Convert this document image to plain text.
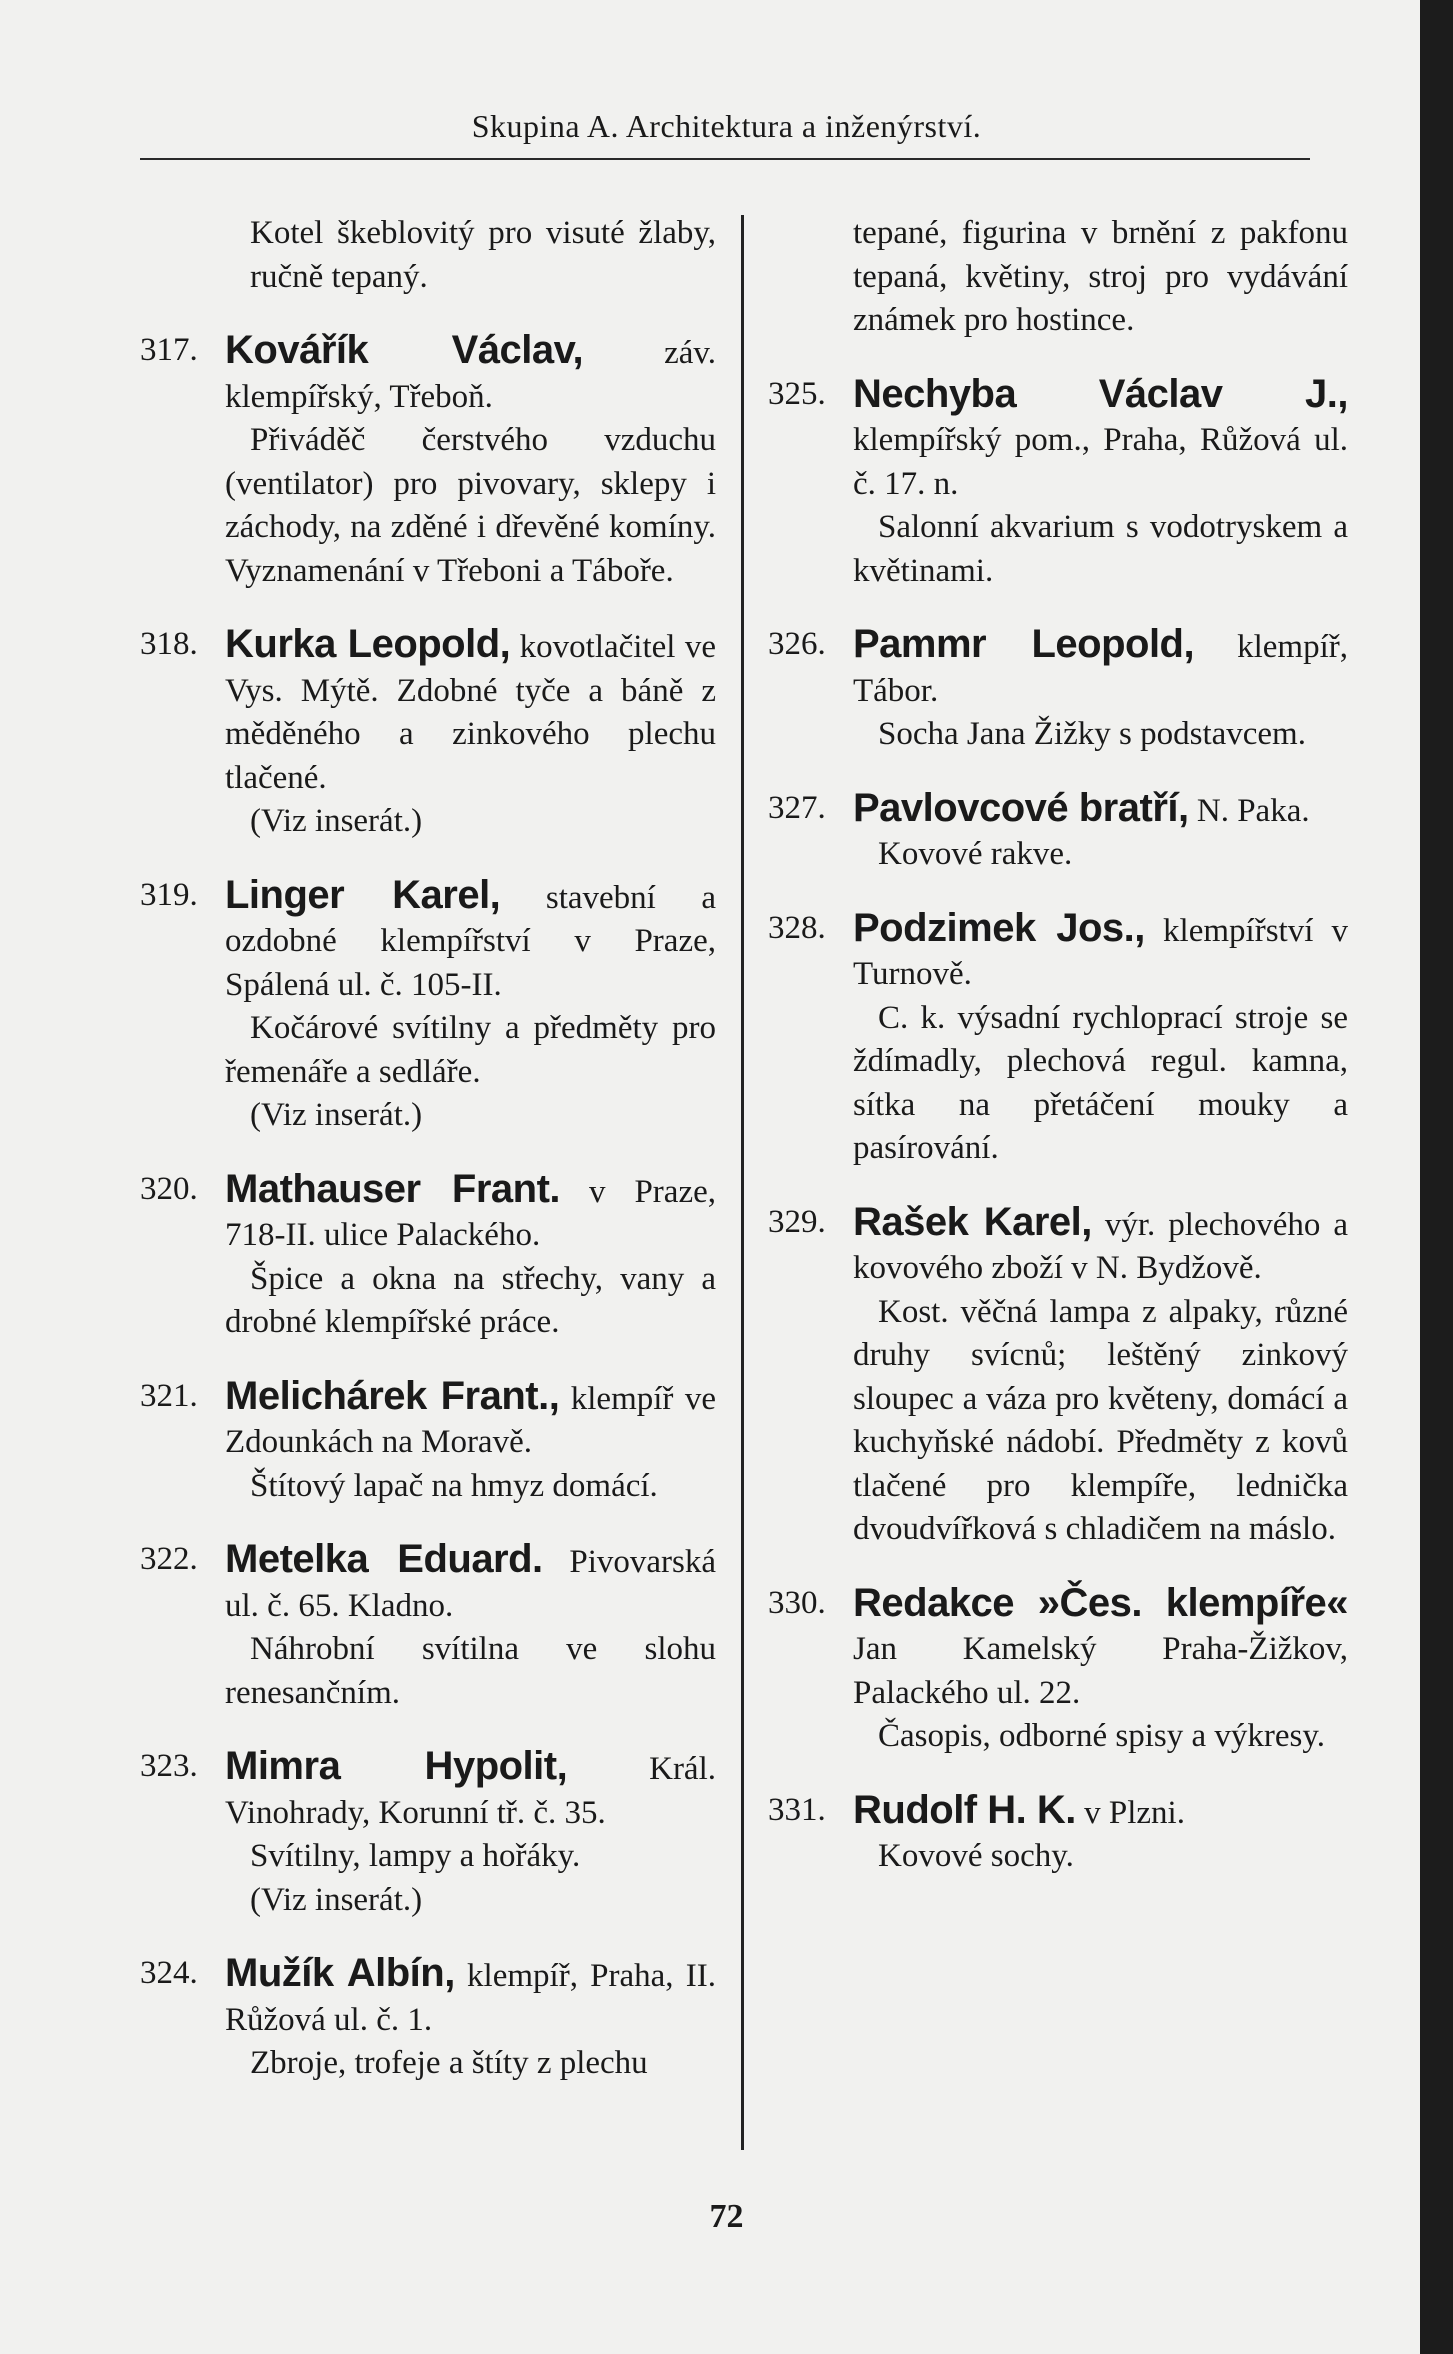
Skupina A. Architektura a inženýrství.
Kotel škeblovitý pro visuté žlaby, ručně tepaný.
317. Kovářík Václav, záv. klempířský, Třeboň.
Přiváděč čerstvého vzduchu (ventilator) pro pivovary, sklepy i záchody, na zděné i dřevěné komíny. Vyznamenání v Třeboni a Táboře.
318. Kurka Leopold, kovotlačitel ve Vys. Mýtě. Zdobné tyče a báně z měděného a zinkového plechu tlačené.
(Viz inserát.)
319. Linger Karel, stavební a ozdobné klempířství v Praze, Spálená ul. č. 105-II.
Kočárové svítilny a předměty pro řemenáře a sedláře.
(Viz inserát.)
320. Mathauser Frant. v Praze, 718-II. ulice Palackého.
Špice a okna na střechy, vany a drobné klempířské práce.
321. Melichárek Frant., klempíř ve Zdounkách na Moravě.
Štítový lapač na hmyz domácí.
322. Metelka Eduard. Pivovarská ul. č. 65. Kladno.
Náhrobní svítilna ve slohu renesančním.
323. Mimra Hypolit, Král. Vinohrady, Korunní tř. č. 35.
Svítilny, lampy a hořáky.
(Viz inserát.)
324. Mužík Albín, klempíř, Praha, II. Růžová ul. č. 1.
Zbroje, trofeje a štíty z plechu
tepané, figurina v brnění z pakfonu tepaná, květiny, stroj pro vydávání známek pro hostince.
325. Nechyba Václav J., klempířský pom., Praha, Růžová ul. č. 17. n.
Salonní akvarium s vodotryskem a květinami.
326. Pammr Leopold, klempíř, Tábor.
Socha Jana Žižky s podstavcem.
327. Pavlovcové bratří, N. Paka.
Kovové rakve.
328. Podzimek Jos., klempířství v Turnově.
C. k. výsadní rychloprací stroje se ždímadly, plechová regul. kamna, sítka na přetáčení mouky a pasírování.
329. Rašek Karel, výr. plechového a kovového zboží v N. Bydžově.
Kost. věčná lampa z alpaky, různé druhy svícnů; leštěný zinkový sloupec a váza pro květeny, domácí a kuchyňské nádobí. Předměty z kovů tlačené pro klempíře, lednička dvoudvířková s chladičem na máslo.
330. Redakce »Čes. klempíře« Jan Kamelský Praha-Žižkov, Palackého ul. 22.
Časopis, odborné spisy a výkresy.
331. Rudolf H. K. v Plzni.
Kovové sochy.
72
